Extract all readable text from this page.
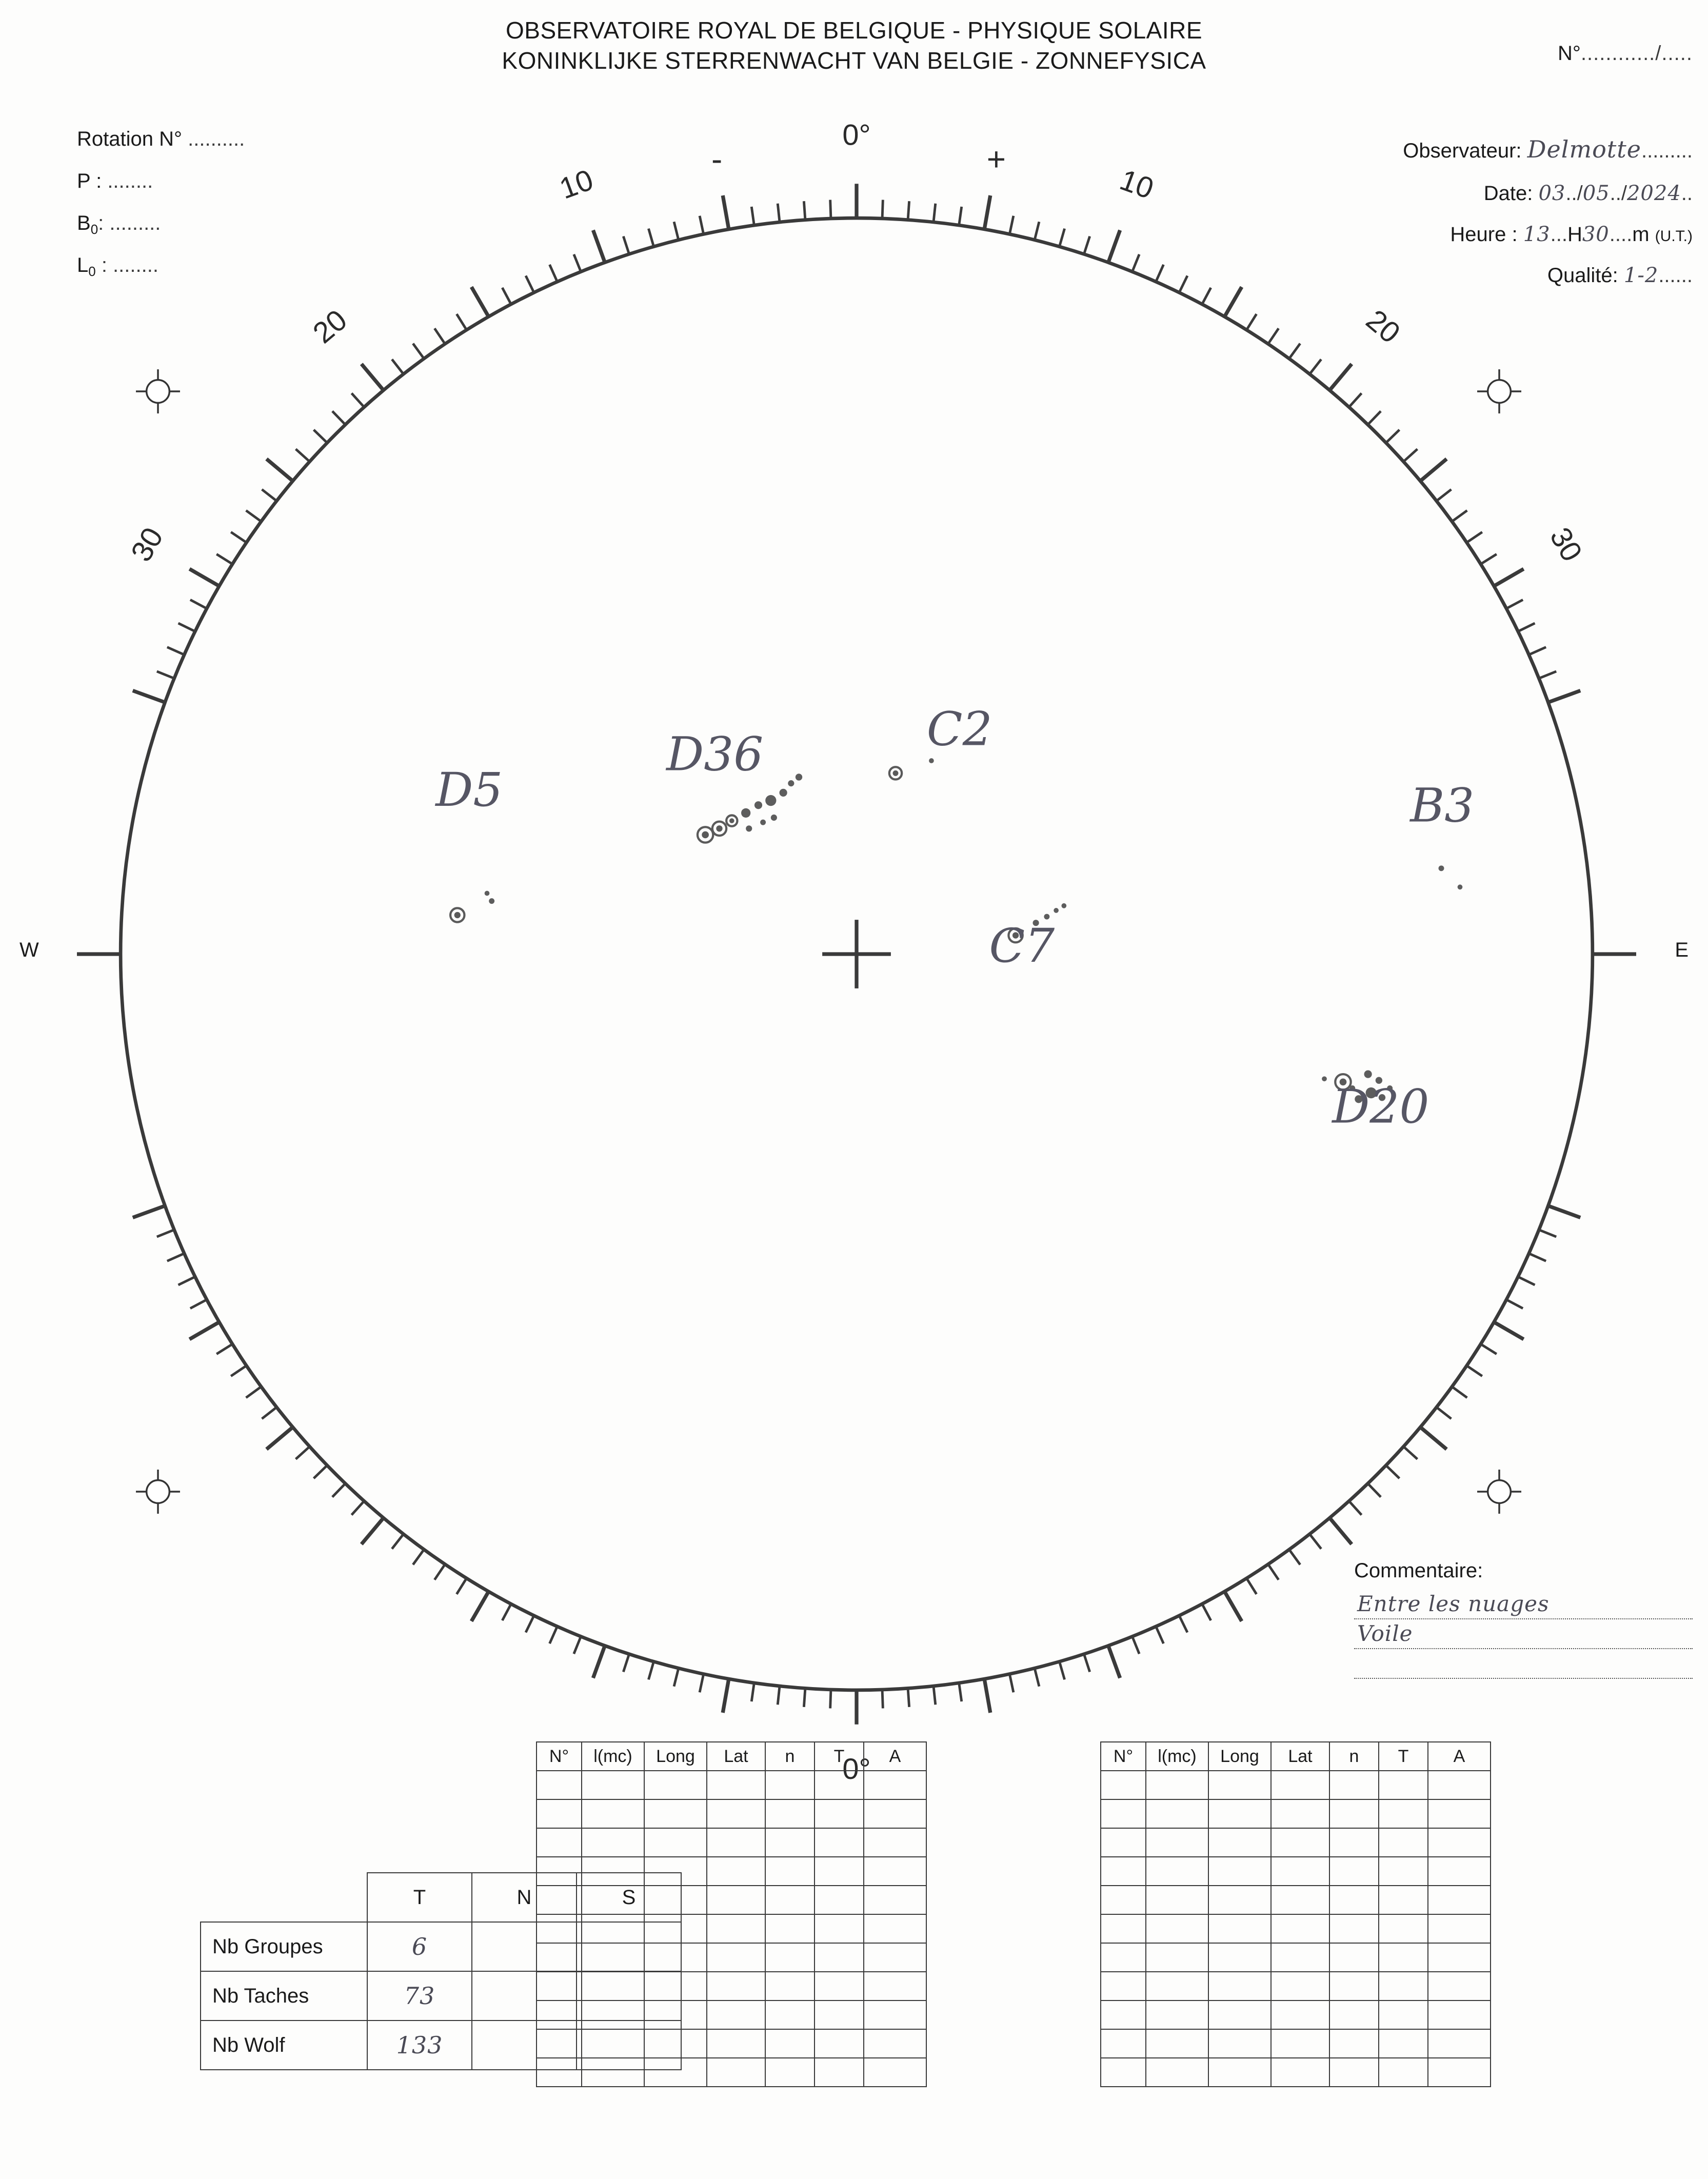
OBSERVATOIRE ROYAL DE BELGIQUE - PHYSIQUE SOLAIRE
KONINKLIJKE STERRENWACHT VAN BELGIE - ZONNEFYSICA	N°............/.....
Rotation N° ..........
P : ........
$B_0$: .........
$L_0$ : ........
Observateur: Delmotte.........
Date: 03../05../2024..
Heure : 13...H30....m (U.T.)
Qualité: 1-2......
30
20
10
0°
10
20
30
-	+
0°
C2
D36
D5	B3
C7
D20
W	E
Commentaire:
Entre les nuages
Voile
N°	l(mc)	Long	Lat	n	T	A

							N°	l(mc)	Long	Lat	n	T	A

	T	N	S
Nb Groupes	6		
Nb Taches	73		
Nb Wolf	133		
